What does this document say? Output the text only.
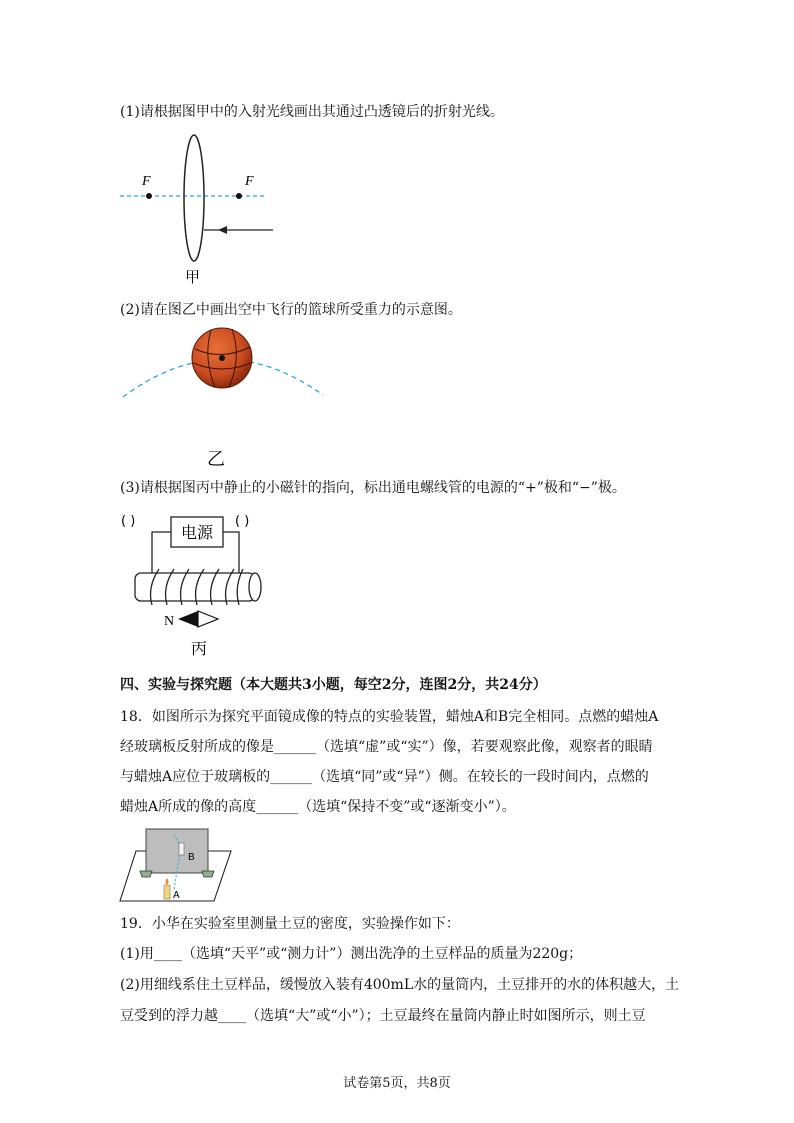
(1)请根据图甲中的入射光线画出其通过凸透镜后的折射光线。
F	F
甲
(2)请在图乙中画出空中飞行的篮球所受重力的示意图。
乙
(3)请根据图丙中静止的小磁针的指向，标出通电螺线管的电源的“+”极和“−”极。
( )	( )
电源
N
丙
四、实验与探究题（本大题共3小题，每空2分，连图2分，共24分）
18．如图所示为探究平面镜成像的特点的实验装置，蜡烛A和B完全相同。点燃的蜡烛A
经玻璃板反射所成的像是______（选填“虚”或“实”）像，若要观察此像，观察者的眼睛
与蜡烛A应位于玻璃板的______（选填“同”或“异”）侧。在较长的一段时间内，点燃的
蜡烛A所成的像的高度______（选填“保持不变”或“逐渐变小”）。
B
A
19．小华在实验室里测量土豆的密度，实验操作如下：
(1)用____（选填“天平”或“测力计”）测出洗净的土豆样品的质量为220g；
(2)用细线系住土豆样品，缓慢放入装有400mL水的量筒内，土豆排开的水的体积越大，土
豆受到的浮力越____（选填“大”或“小”）；土豆最终在量筒内静止时如图所示，则土豆
试卷第5页，共8页
